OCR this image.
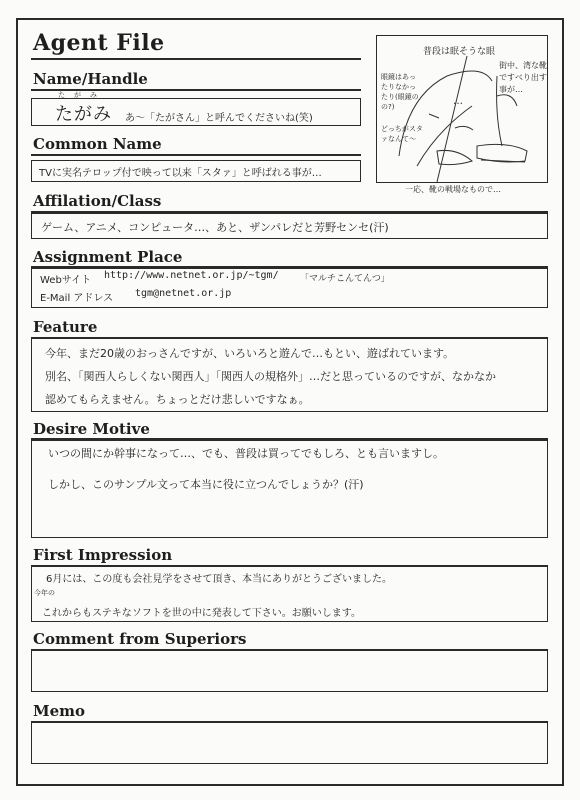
Agent File
Name/Handle
たがみ
たがみ あ～「たがさん」と呼んでくださいね(笑)
普段は眠そうな眼
眼鏡はあったりなかったり(眼鏡のの?)
どっちがスタァなんて～
街中、湾な靴ですべり出す事が…
…
一応、靴の戦場なもので…
Common Name
TVに実名テロップ付で映って以来「スタァ」と呼ばれる事が…
Affilation/Class
ゲーム、アニメ、コンピュータ…、あと、ザンパレだと芳野センセ(汗)
Assignment Place
Webサイト http://www.netnet.or.jp/~tgm/ 「マルチこんてんつ」
E-Mail アドレス tgm@netnet.or.jp
Feature
今年、まだ20歳のおっさんですが、いろいろと遊んで…もとい、遊ばれています。
別名、「関西人らしくない関西人」「関西人の規格外」…だと思っているのですが、なかなか
認めてもらえません。ちょっとだけ悲しいですなぁ。
Desire Motive
いつの間にか幹事になって…、でも、普段は買ってでもしろ、とも言いますし。
しかし、このサンプル文って本当に役に立つんでしょうか？(汗)
First Impression
6月には、この度も会社見学をさせて頂き、本当にありがとうございました。
今年の
これからもステキなソフトを世の中に発表して下さい。お願いします。
Comment from Superiors
Memo
